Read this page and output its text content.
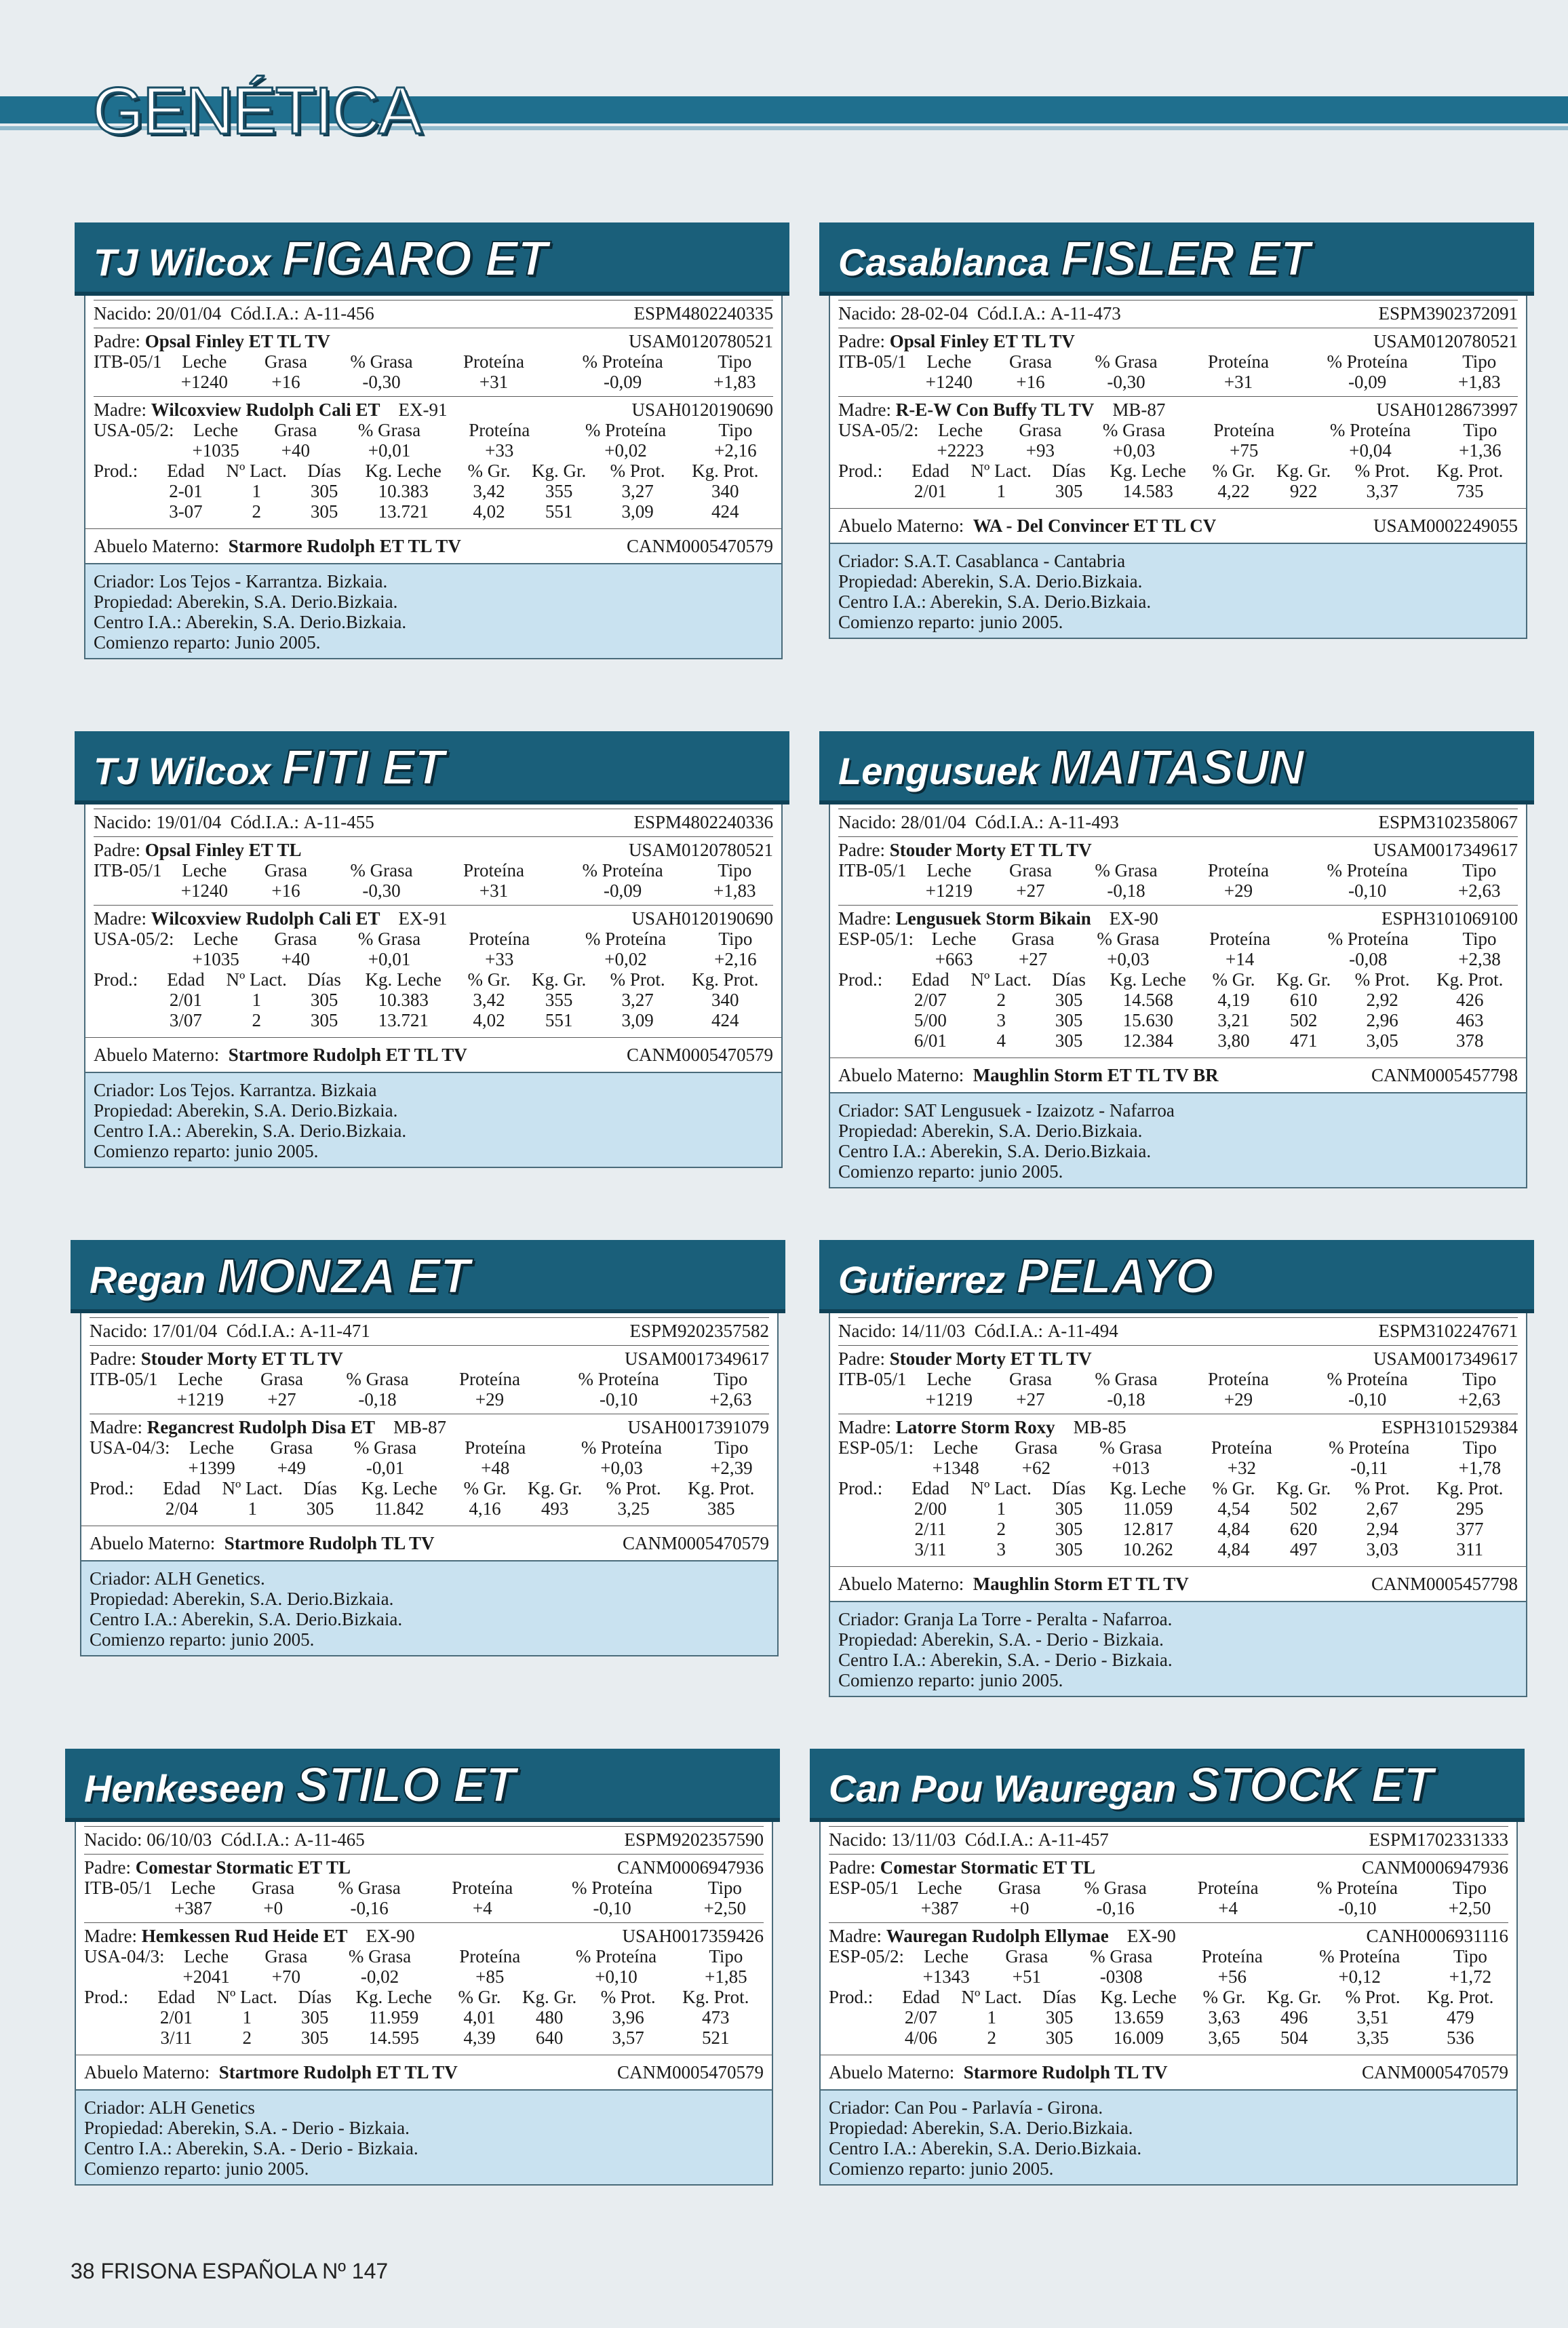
GENÉTICA
TJ Wilcox FIGARO ET
Nacido:
20/01/04
Cód.I.A.:
A-11-456	ESPM4802240335
Padre:
Opsal Finley ET TL TV	USAM0120780521
ITB-05/1	Leche	Grasa	% Grasa	Proteína	% Proteína	Tipo
	+1240	+16	-0,30	+31	-0,09	+1,83
Madre:
Wilcoxview Rudolph Cali ET
EX-91	USAH0120190690
USA-05/2:	Leche	Grasa	% Grasa	Proteína	% Proteína	Tipo
	+1035	+40	+0,01	+33	+0,02	+2,16
Prod.:	Edad	Nº Lact.	Días	Kg. Leche	% Gr.	Kg. Gr.	% Prot.	Kg. Prot.
	2-01	1	305	10.383	3,42	355	3,27	340
	3-07	2	305	13.721	4,02	551	3,09	424
Abuelo Materno:
Starmore Rudolph ET TL TV	CANM0005470579
Criador: Los Tejos - Karrantza. Bizkaia.
Propiedad: Aberekin, S.A. Derio.Bizkaia.
Centro I.A.: Aberekin, S.A. Derio.Bizkaia.
Comienzo reparto: Junio 2005.
Casablanca FISLER ET
Nacido:
28-02-04
Cód.I.A.:
A-11-473	ESPM3902372091
Padre:
Opsal Finley ET TL TV	USAM0120780521
ITB-05/1	Leche	Grasa	% Grasa	Proteína	% Proteína	Tipo
	+1240	+16	-0,30	+31	-0,09	+1,83
Madre:
R-E-W Con Buffy TL TV
MB-87	USAH0128673997
USA-05/2:	Leche	Grasa	% Grasa	Proteína	% Proteína	Tipo
	+2223	+93	+0,03	+75	+0,04	+1,36
Prod.:	Edad	Nº Lact.	Días	Kg. Leche	% Gr.	Kg. Gr.	% Prot.	Kg. Prot.
	2/01	1	305	14.583	4,22	922	3,37	735
Abuelo Materno:
WA - Del Convincer ET TL CV	USAM0002249055
Criador: S.A.T. Casablanca - Cantabria
Propiedad: Aberekin, S.A. Derio.Bizkaia.
Centro I.A.: Aberekin, S.A. Derio.Bizkaia.
Comienzo reparto: junio 2005.
TJ Wilcox FITI ET
Nacido:
19/01/04
Cód.I.A.:
A-11-455	ESPM4802240336
Padre:
Opsal Finley ET TL	USAM0120780521
ITB-05/1	Leche	Grasa	% Grasa	Proteína	% Proteína	Tipo
	+1240	+16	-0,30	+31	-0,09	+1,83
Madre:
Wilcoxview Rudolph Cali ET
EX-91	USAH0120190690
USA-05/2:	Leche	Grasa	% Grasa	Proteína	% Proteína	Tipo
	+1035	+40	+0,01	+33	+0,02	+2,16
Prod.:	Edad	Nº Lact.	Días	Kg. Leche	% Gr.	Kg. Gr.	% Prot.	Kg. Prot.
	2/01	1	305	10.383	3,42	355	3,27	340
	3/07	2	305	13.721	4,02	551	3,09	424
Abuelo Materno:
Startmore Rudolph ET TL TV	CANM0005470579
Criador: Los Tejos. Karrantza. Bizkaia
Propiedad: Aberekin, S.A. Derio.Bizkaia.
Centro I.A.: Aberekin, S.A. Derio.Bizkaia.
Comienzo reparto: junio 2005.
Lengusuek MAITASUN
Nacido:
28/01/04
Cód.I.A.:
A-11-493	ESPM3102358067
Padre:
Stouder Morty ET TL TV	USAM0017349617
ITB-05/1	Leche	Grasa	% Grasa	Proteína	% Proteína	Tipo
	+1219	+27	-0,18	+29	-0,10	+2,63
Madre:
Lengusuek Storm Bikain
EX-90	ESPH3101069100
ESP-05/1:	Leche	Grasa	% Grasa	Proteína	% Proteína	Tipo
	+663	+27	+0,03	+14	-0,08	+2,38
Prod.:	Edad	Nº Lact.	Días	Kg. Leche	% Gr.	Kg. Gr.	% Prot.	Kg. Prot.
	2/07	2	305	14.568	4,19	610	2,92	426
	5/00	3	305	15.630	3,21	502	2,96	463
	6/01	4	305	12.384	3,80	471	3,05	378
Abuelo Materno:
Maughlin Storm ET TL TV BR	CANM0005457798
Criador: SAT Lengusuek - Izaizotz - Nafarroa
Propiedad: Aberekin, S.A. Derio.Bizkaia.
Centro I.A.: Aberekin, S.A. Derio.Bizkaia.
Comienzo reparto: junio 2005.
Regan MONZA ET
Nacido:
17/01/04
Cód.I.A.:
A-11-471	ESPM9202357582
Padre:
Stouder Morty ET TL TV	USAM0017349617
ITB-05/1	Leche	Grasa	% Grasa	Proteína	% Proteína	Tipo
	+1219	+27	-0,18	+29	-0,10	+2,63
Madre:
Regancrest Rudolph Disa ET
MB-87	USAH0017391079
USA-04/3:	Leche	Grasa	% Grasa	Proteína	% Proteína	Tipo
	+1399	+49	-0,01	+48	+0,03	+2,39
Prod.:	Edad	Nº Lact.	Días	Kg. Leche	% Gr.	Kg. Gr.	% Prot.	Kg. Prot.
	2/04	1	305	11.842	4,16	493	3,25	385
Abuelo Materno:
Startmore Rudolph TL TV	CANM0005470579
Criador: ALH Genetics.
Propiedad: Aberekin, S.A. Derio.Bizkaia.
Centro I.A.: Aberekin, S.A. Derio.Bizkaia.
Comienzo reparto: junio 2005.
Gutierrez PELAYO
Nacido:
14/11/03
Cód.I.A.:
A-11-494	ESPM3102247671
Padre:
Stouder Morty ET TL TV	USAM0017349617
ITB-05/1	Leche	Grasa	% Grasa	Proteína	% Proteína	Tipo
	+1219	+27	-0,18	+29	-0,10	+2,63
Madre:
Latorre Storm Roxy
MB-85	ESPH3101529384
ESP-05/1:	Leche	Grasa	% Grasa	Proteína	% Proteína	Tipo
	+1348	+62	+013	+32	-0,11	+1,78
Prod.:	Edad	Nº Lact.	Días	Kg. Leche	% Gr.	Kg. Gr.	% Prot.	Kg. Prot.
	2/00	1	305	11.059	4,54	502	2,67	295
	2/11	2	305	12.817	4,84	620	2,94	377
	3/11	3	305	10.262	4,84	497	3,03	311
Abuelo Materno:
Maughlin Storm ET TL TV	CANM0005457798
Criador: Granja La Torre - Peralta - Nafarroa.
Propiedad: Aberekin, S.A. - Derio - Bizkaia.
Centro I.A.: Aberekin, S.A. - Derio - Bizkaia.
Comienzo reparto: junio 2005.
Henkeseen STILO ET
Nacido:
06/10/03
Cód.I.A.:
A-11-465	ESPM9202357590
Padre:
Comestar Stormatic ET TL	CANM0006947936
ITB-05/1	Leche	Grasa	% Grasa	Proteína	% Proteína	Tipo
	+387	+0	-0,16	+4	-0,10	+2,50
Madre:
Hemkessen Rud Heide ET
EX-90	USAH0017359426
USA-04/3:	Leche	Grasa	% Grasa	Proteína	% Proteína	Tipo
	+2041	+70	-0,02	+85	+0,10	+1,85
Prod.:	Edad	Nº Lact.	Días	Kg. Leche	% Gr.	Kg. Gr.	% Prot.	Kg. Prot.
	2/01	1	305	11.959	4,01	480	3,96	473
	3/11	2	305	14.595	4,39	640	3,57	521
Abuelo Materno:
Startmore Rudolph ET TL TV	CANM0005470579
Criador: ALH Genetics
Propiedad: Aberekin, S.A. - Derio - Bizkaia.
Centro I.A.: Aberekin, S.A. - Derio - Bizkaia.
Comienzo reparto: junio 2005.
Can Pou Wauregan STOCK ET
Nacido:
13/11/03
Cód.I.A.:
A-11-457	ESPM1702331333
Padre:
Comestar Stormatic ET TL	CANM0006947936
ESP-05/1	Leche	Grasa	% Grasa	Proteína	% Proteína	Tipo
	+387	+0	-0,16	+4	-0,10	+2,50
Madre:
Wauregan Rudolph Ellymae
EX-90	CANH0006931116
ESP-05/2:	Leche	Grasa	% Grasa	Proteína	% Proteína	Tipo
	+1343	+51	-0308	+56	+0,12	+1,72
Prod.:	Edad	Nº Lact.	Días	Kg. Leche	% Gr.	Kg. Gr.	% Prot.	Kg. Prot.
	2/07	1	305	13.659	3,63	496	3,51	479
	4/06	2	305	16.009	3,65	504	3,35	536
Abuelo Materno:
Starmore Rudolph TL TV	CANM0005470579
Criador: Can Pou - Parlavía - Girona.
Propiedad: Aberekin, S.A. Derio.Bizkaia.
Centro I.A.: Aberekin, S.A. Derio.Bizkaia.
Comienzo reparto: junio 2005.
38 FRISONA ESPAÑOLA Nº 147
